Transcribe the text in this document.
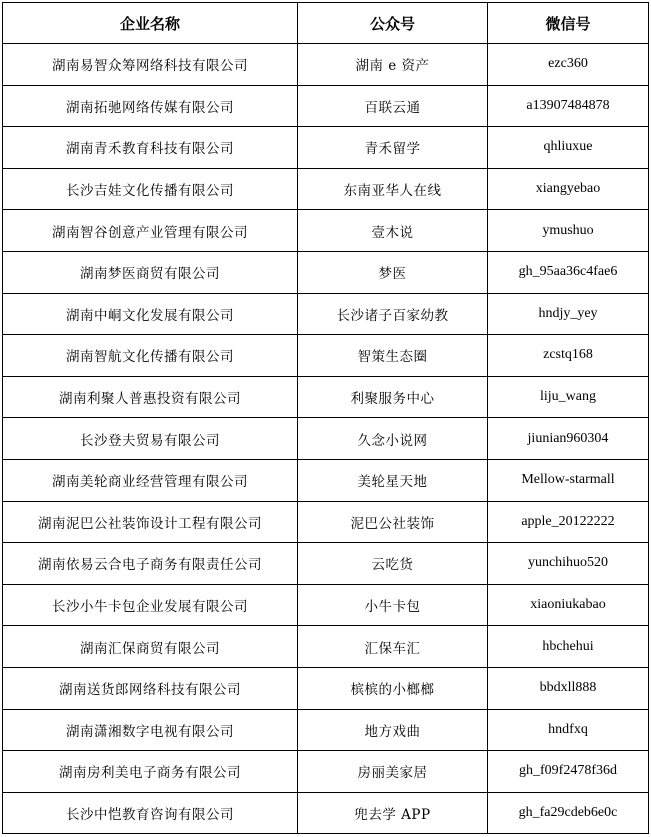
企业名称	公众号	微信号
湖南易智众筹网络科技有限公司	湖南 e 资产	ezc360
湖南拓驰网络传媒有限公司	百联云通	a13907484878
湖南青禾教育科技有限公司	青禾留学	qhliuxue
长沙吉娃文化传播有限公司	东南亚华人在线	xiangyebao
湖南智谷创意产业管理有限公司	壹木说	ymushuo
湖南梦医商贸有限公司	梦医	gh_95aa36c4fae6
湖南中峒文化发展有限公司	长沙诸子百家幼教	hndjy_yey
湖南智航文化传播有限公司	智策生态圈	zcstq168
湖南利聚人普惠投资有限公司	利聚服务中心	liju_wang
长沙登夫贸易有限公司	久念小说网	jiunian960304
湖南美轮商业经营管理有限公司	美轮星天地	Mellow-starmall
湖南泥巴公社装饰设计工程有限公司	泥巴公社装饰	apple_20122222
湖南依易云合电子商务有限责任公司	云吃货	yunchihuo520
长沙小牛卡包企业发展有限公司	小牛卡包	xiaoniukabao
湖南汇保商贸有限公司	汇保车汇	hbchehui
湖南送货郎网络科技有限公司	槟槟的小榔榔	bbdxll888
湖南潇湘数字电视有限公司	地方戏曲	hndfxq
湖南房利美电子商务有限公司	房丽美家居	gh_f09f2478f36d
长沙中恺教育咨询有限公司	兜去学 APP	gh_fa29cdeb6e0c
